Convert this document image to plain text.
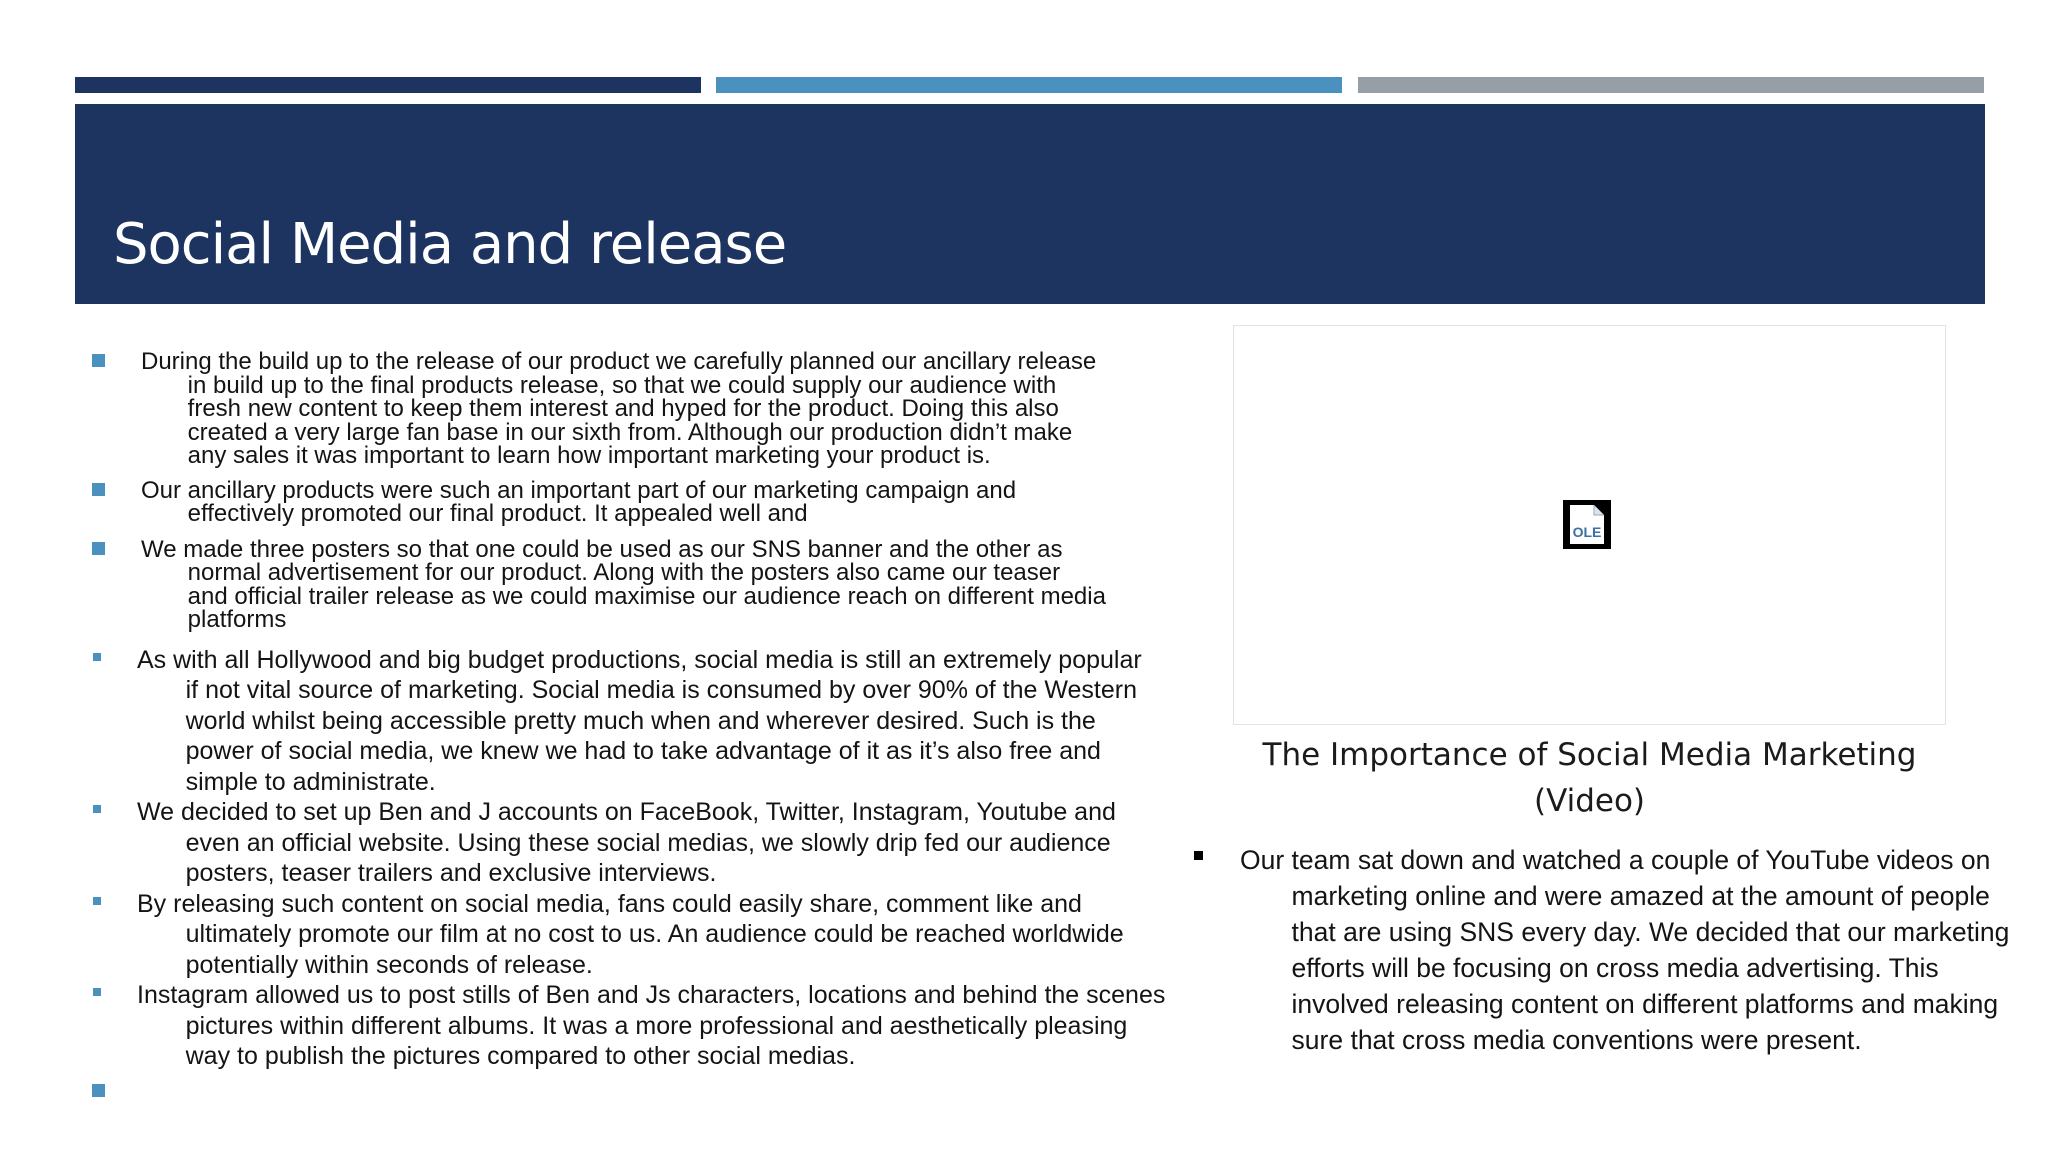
Social Media and release
During the build up to the release of our product we carefully planned our ancillary release
in build up to the final products release, so that we could supply our audience with
fresh new content to keep them interest and hyped for the product. Doing this also
created a very large fan base in our sixth from. Although our production didn’t make
any sales it was important to learn how important marketing your product is.
Our ancillary products were such an important part of our marketing campaign and
effectively promoted our final product. It appealed well and
We made three posters so that one could be used as our SNS banner and the other as
normal advertisement for our product. Along with the posters also came our teaser
and official trailer release as we could maximise our audience reach on different media
platforms
As with all Hollywood and big budget productions, social media is still an extremely popular
if not vital source of marketing. Social media is consumed by over 90% of the Western
world whilst being accessible pretty much when and wherever desired. Such is the
power of social media, we knew we had to take advantage of it as it’s also free and
simple to administrate.
We decided to set up Ben and J accounts on FaceBook, Twitter, Instagram, Youtube and
even an official website. Using these social medias, we slowly drip fed our audience
posters, teaser trailers and exclusive interviews.
By releasing such content on social media, fans could easily share, comment like and
ultimately promote our film at no cost to us. An audience could be reached worldwide
potentially within seconds of release.
Instagram allowed us to post stills of Ben and Js characters, locations and behind the scenes
pictures within different albums. It was a more professional and aesthetically pleasing
way to publish the pictures compared to other social medias.
OLE
The Importance of Social Media Marketing
(Video)
Our team sat down and watched a couple of YouTube videos on
marketing online and were amazed at the amount of people
that are using SNS every day. We decided that our marketing
efforts will be focusing on cross media advertising. This
involved releasing content on different platforms and making
sure that cross media conventions were present.
